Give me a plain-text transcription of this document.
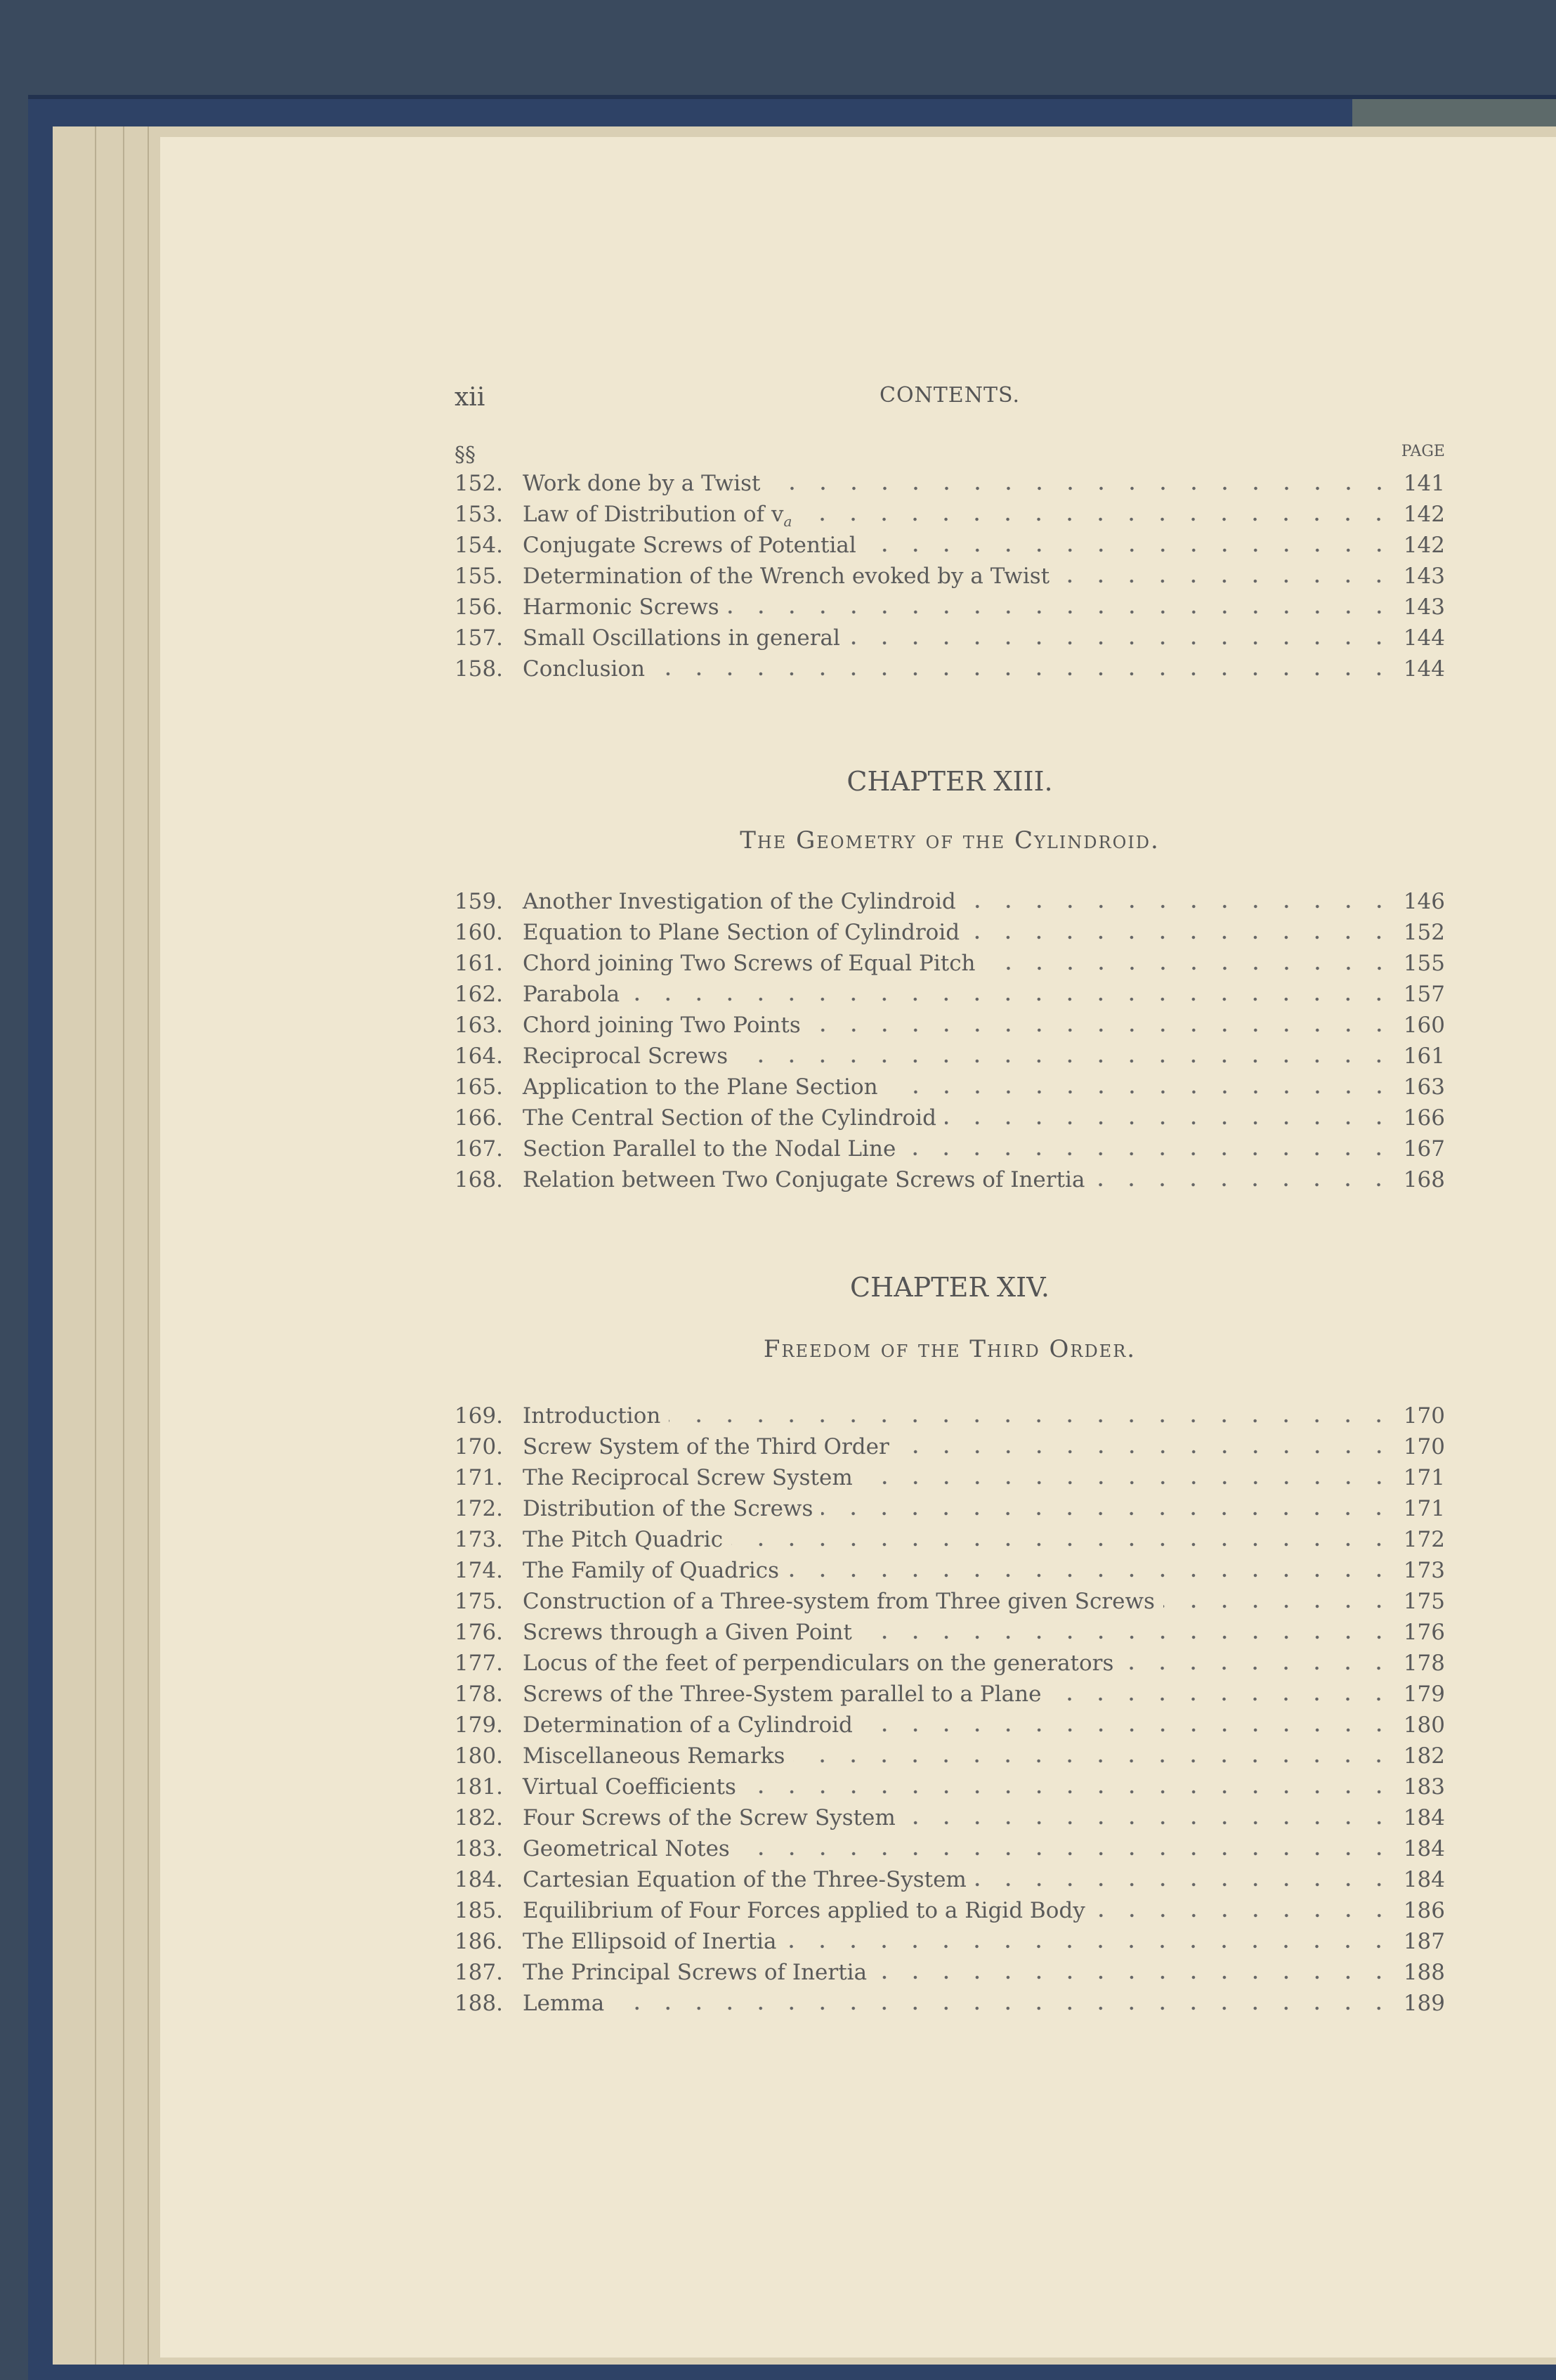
xii	CONTENTS.
§§	PAGE
152. Work done by a Twist	141
153. Law of Distribution of $v_a$	142
154. Conjugate Screws of Potential	142
155. Determination of the Wrench evoked by a Twist	143
156. Harmonic Screws	143
157. Small Oscillations in general	144
158. Conclusion	144
CHAPTER XIII.
The Geometry of the Cylindroid.
159. Another Investigation of the Cylindroid	146
160. Equation to Plane Section of Cylindroid	152
161. Chord joining Two Screws of Equal Pitch	155
162. Parabola	157
163. Chord joining Two Points	160
164. Reciprocal Screws	161
165. Application to the Plane Section	163
166. The Central Section of the Cylindroid	166
167. Section Parallel to the Nodal Line	167
168. Relation between Two Conjugate Screws of Inertia	168
CHAPTER XIV.
Freedom of the Third Order.
169. Introduction	170
170. Screw System of the Third Order	170
171. The Reciprocal Screw System	171
172. Distribution of the Screws	171
173. The Pitch Quadric	172
174. The Family of Quadrics	173
175. Construction of a Three-system from Three given Screws	175
176. Screws through a Given Point	176
177. Locus of the feet of perpendiculars on the generators	178
178. Screws of the Three-System parallel to a Plane	179
179. Determination of a Cylindroid	180
180. Miscellaneous Remarks	182
181. Virtual Coefficients	183
182. Four Screws of the Screw System	184
183. Geometrical Notes	184
184. Cartesian Equation of the Three-System	184
185. Equilibrium of Four Forces applied to a Rigid Body	186
186. The Ellipsoid of Inertia	187
187. The Principal Screws of Inertia	188
188. Lemma	189
